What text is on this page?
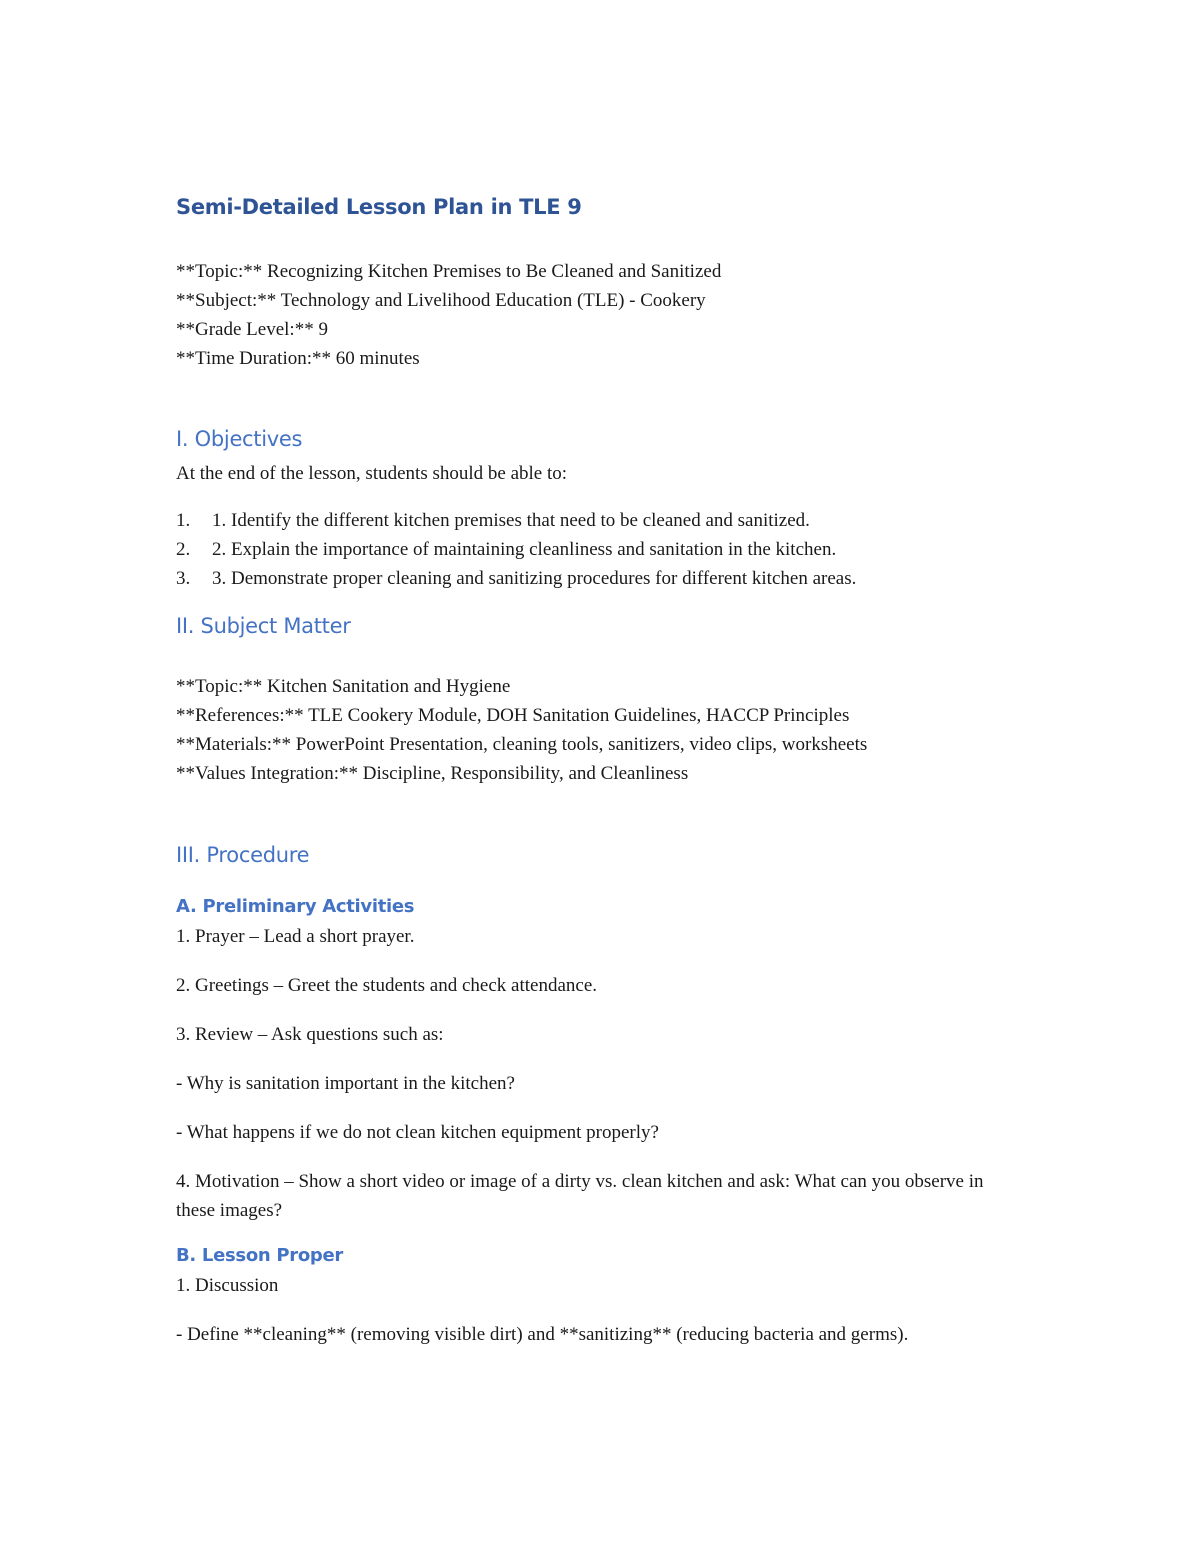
Semi-Detailed Lesson Plan in TLE 9
**Topic:** Recognizing Kitchen Premises to Be Cleaned and Sanitized
**Subject:** Technology and Livelihood Education (TLE) - Cookery
**Grade Level:** 9
**Time Duration:** 60 minutes
I. Objectives
At the end of the lesson, students should be able to:
1. 1. Identify the different kitchen premises that need to be cleaned and sanitized.
2. 2. Explain the importance of maintaining cleanliness and sanitation in the kitchen.
3. 3. Demonstrate proper cleaning and sanitizing procedures for different kitchen areas.
II. Subject Matter
**Topic:** Kitchen Sanitation and Hygiene
**References:** TLE Cookery Module, DOH Sanitation Guidelines, HACCP Principles
**Materials:** PowerPoint Presentation, cleaning tools, sanitizers, video clips, worksheets
**Values Integration:** Discipline, Responsibility, and Cleanliness
III. Procedure
A. Preliminary Activities
1. Prayer – Lead a short prayer.
2. Greetings – Greet the students and check attendance.
3. Review – Ask questions such as:
- Why is sanitation important in the kitchen?
- What happens if we do not clean kitchen equipment properly?

4. Motivation – Show a short video or image of a dirty vs. clean kitchen and ask: What can you observe in these images?

B. Lesson Proper
1. Discussion

- Define **cleaning** (removing visible dirt) and **sanitizing** (reducing bacteria and germs).
